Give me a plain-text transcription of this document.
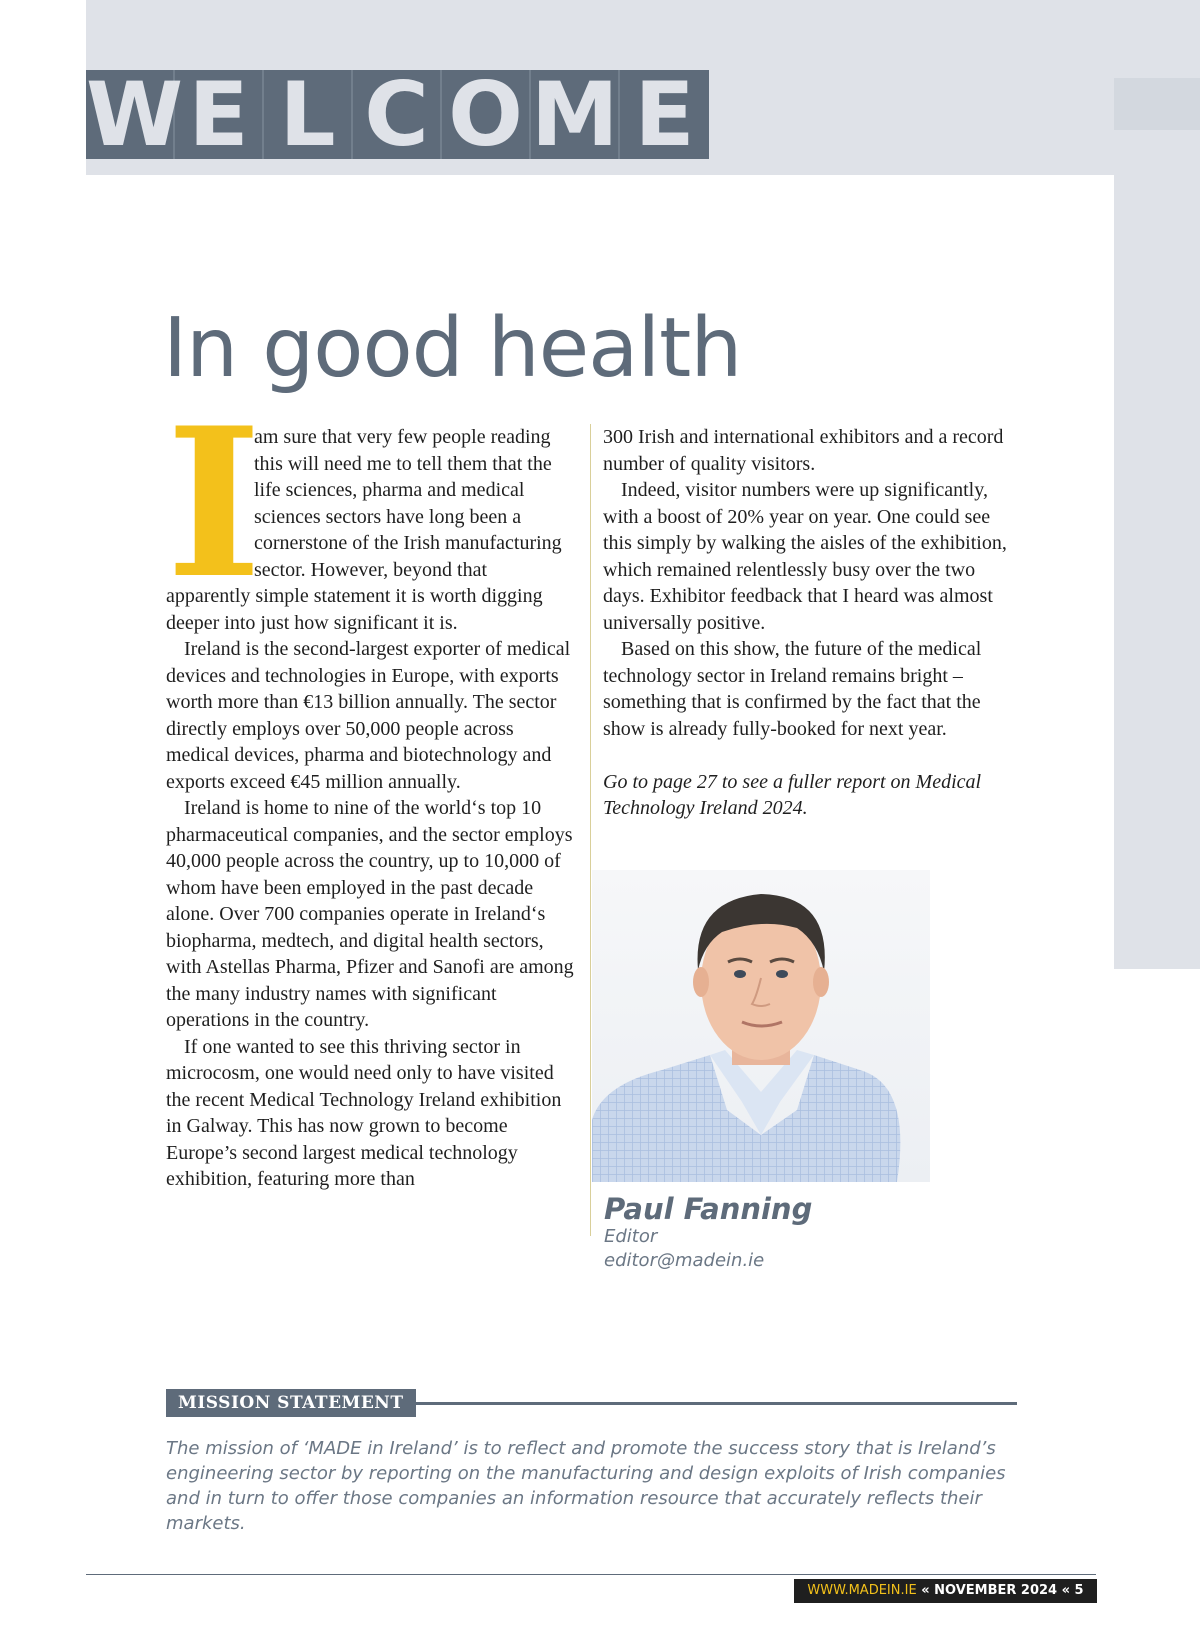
W E L C O M E
In good health
I

am sure that very few people reading this will need me to tell them that the life sciences, pharma and medical sciences sectors have long been a cornerstone of the Irish manufacturing sector. However, beyond that apparently simple statement it is worth digging deeper into just how significant it is.

Ireland is the second-largest exporter of medical devices and technologies in Europe, with exports worth more than €13 billion annually. The sector directly employs over 50,000 people across medical devices, pharma and biotechnology and exports exceed €45 million annually.

Ireland is home to nine of the world‘s top 10 pharmaceutical companies, and the sector employs 40,000 people across the country, up to 10,000 of whom have been employed in the past decade alone. Over 700 companies operate in Ireland‘s biopharma, medtech, and digital health sectors, with Astellas Pharma, Pfizer and Sanofi are among the many industry names with significant operations in the country.

If one wanted to see this thriving sector in microcosm, one would need only to have visited the recent Medical Technology Ireland exhibition in Galway. This has now grown to become Europe’s second largest medical technology exhibition, featuring more than

300 Irish and international exhibitors and a record number of quality visitors.

Indeed, visitor numbers were up significantly, with a boost of 20% year on year. One could see this simply by walking the aisles of the exhibition, which remained relentlessly busy over the two days. Exhibitor feedback that I heard was almost universally positive.

Based on this show, the future of the medical technology sector in Ireland remains bright –something that is confirmed by the fact that the show is already fully-booked for next year.

Go to page 27 to see a fuller report on Medical Technology Ireland 2024.

Paul Fanning
Editor
editor@madein.ie
MISSION STATEMENT

The mission of ‘MADE in Ireland’ is to reflect and promote the success story that is Ireland’s engineering sector by reporting on the manufacturing and design exploits of Irish companies and in turn to offer those companies an information resource that accurately reflects their markets.

WWW.MADEIN.IE « NOVEMBER 2024 « 5
